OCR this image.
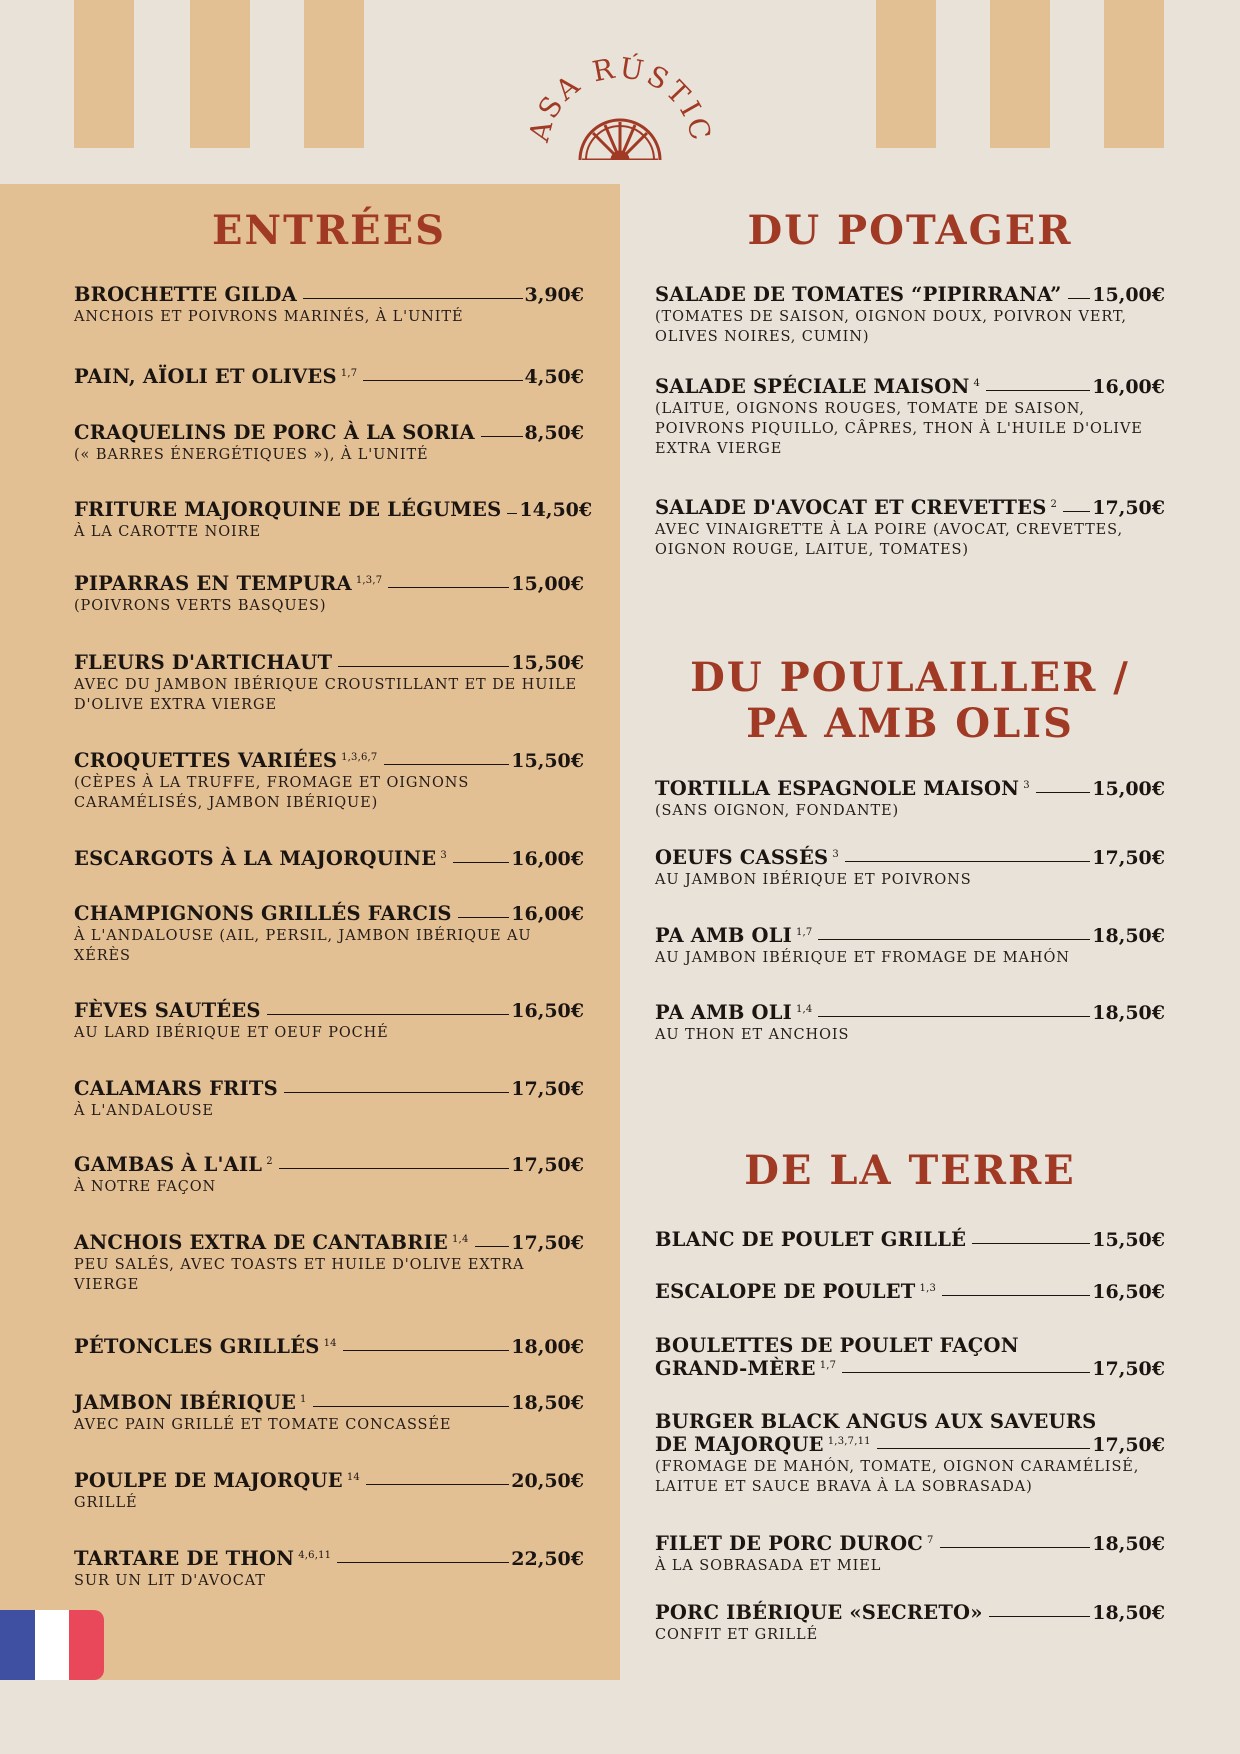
ASA RÚSTIC
ENTRÉES	DU POTAGER
DU POULAILLER /
PA AMB OLIS
DE LA TERRE
BROCHETTE GILDA	3,90€
ANCHOIS ET POIVRONS MARINÉS, À L'UNITÉ
PAIN, AÏOLI ET OLIVES $^{1,7}$	4,50€
CRAQUELINS DE PORC À LA SORIA	8,50€
(« BARRES ÉNERGÉTIQUES »), À L'UNITÉ
FRITURE MAJORQUINE DE LÉGUMES 14,50€
À LA CAROTTE NOIRE
PIPARRAS EN TEMPURA $^{1,3,7}$	15,00€
(POIVRONS VERTS BASQUES)
FLEURS D'ARTICHAUT	15,50€
AVEC DU JAMBON IBÉRIQUE CROUSTILLANT ET DE HUILE D'OLIVE EXTRA VIERGE
CROQUETTES VARIÉES $^{1,3,6,7}$	15,50€
(CÈPES À LA TRUFFE, FROMAGE ET OIGNONS CARAMÉLISÉS, JAMBON IBÉRIQUE)
ESCARGOTS À LA MAJORQUINE $^3$	16,00€
CHAMPIGNONS GRILLÉS FARCIS	16,00€
À L'ANDALOUSE (AIL, PERSIL, JAMBON IBÉRIQUE AU XÉRÈS
FÈVES SAUTÉES	16,50€
AU LARD IBÉRIQUE ET OEUF POCHÉ
CALAMARS FRITS	17,50€
À L'ANDALOUSE
GAMBAS À L'AIL $^2$	17,50€
À NOTRE FAÇON
ANCHOIS EXTRA DE CANTABRIE $^{1,4}$ 17,50€
PEU SALÉS, AVEC TOASTS ET HUILE D'OLIVE EXTRA VIERGE
PÉTONCLES GRILLÉS $^{14}$	18,00€
JAMBON IBÉRIQUE $^1$	18,50€
AVEC PAIN GRILLÉ ET TOMATE CONCASSÉE
POULPE DE MAJORQUE $^{14}$	20,50€
GRILLÉ
TARTARE DE THON $^{4,6,11}$	22,50€
SUR UN LIT D'AVOCAT
SALADE DE TOMATES “PIPIRRANA” 15,00€
(TOMATES DE SAISON, OIGNON DOUX, POIVRON VERT, OLIVES NOIRES, CUMIN)
SALADE SPÉCIALE MAISON $^4$	16,00€
(LAITUE, OIGNONS ROUGES, TOMATE DE SAISON, POIVRONS PIQUILLO, CÂPRES, THON À L'HUILE D'OLIVE EXTRA VIERGE
SALADE D'AVOCAT ET CREVETTES $^2$ 17,50€
AVEC VINAIGRETTE À LA POIRE (AVOCAT, CREVETTES, OIGNON ROUGE, LAITUE, TOMATES)
TORTILLA ESPAGNOLE MAISON $^3$	15,00€
(SANS OIGNON, FONDANTE)
OEUFS CASSÉS $^3$	17,50€
AU JAMBON IBÉRIQUE ET POIVRONS
PA AMB OLI $^{1,7}$	18,50€
AU JAMBON IBÉRIQUE ET FROMAGE DE MAHÓN
PA AMB OLI $^{1,4}$	18,50€
AU THON ET ANCHOIS
BLANC DE POULET GRILLÉ	15,50€
ESCALOPE DE POULET $^{1,3}$	16,50€
BOULETTES DE POULET FAÇON
GRAND-MÈRE $^{1,7}$	17,50€
BURGER BLACK ANGUS AUX SAVEURS
DE MAJORQUE $^{1,3,7,11}$	17,50€
(FROMAGE DE MAHÓN, TOMATE, OIGNON CARAMÉLISÉ, LAITUE ET SAUCE BRAVA À LA SOBRASADA)
FILET DE PORC DUROC $^7$	18,50€
À LA SOBRASADA ET MIEL
PORC IBÉRIQUE «SECRETO»	18,50€
CONFIT ET GRILLÉ
